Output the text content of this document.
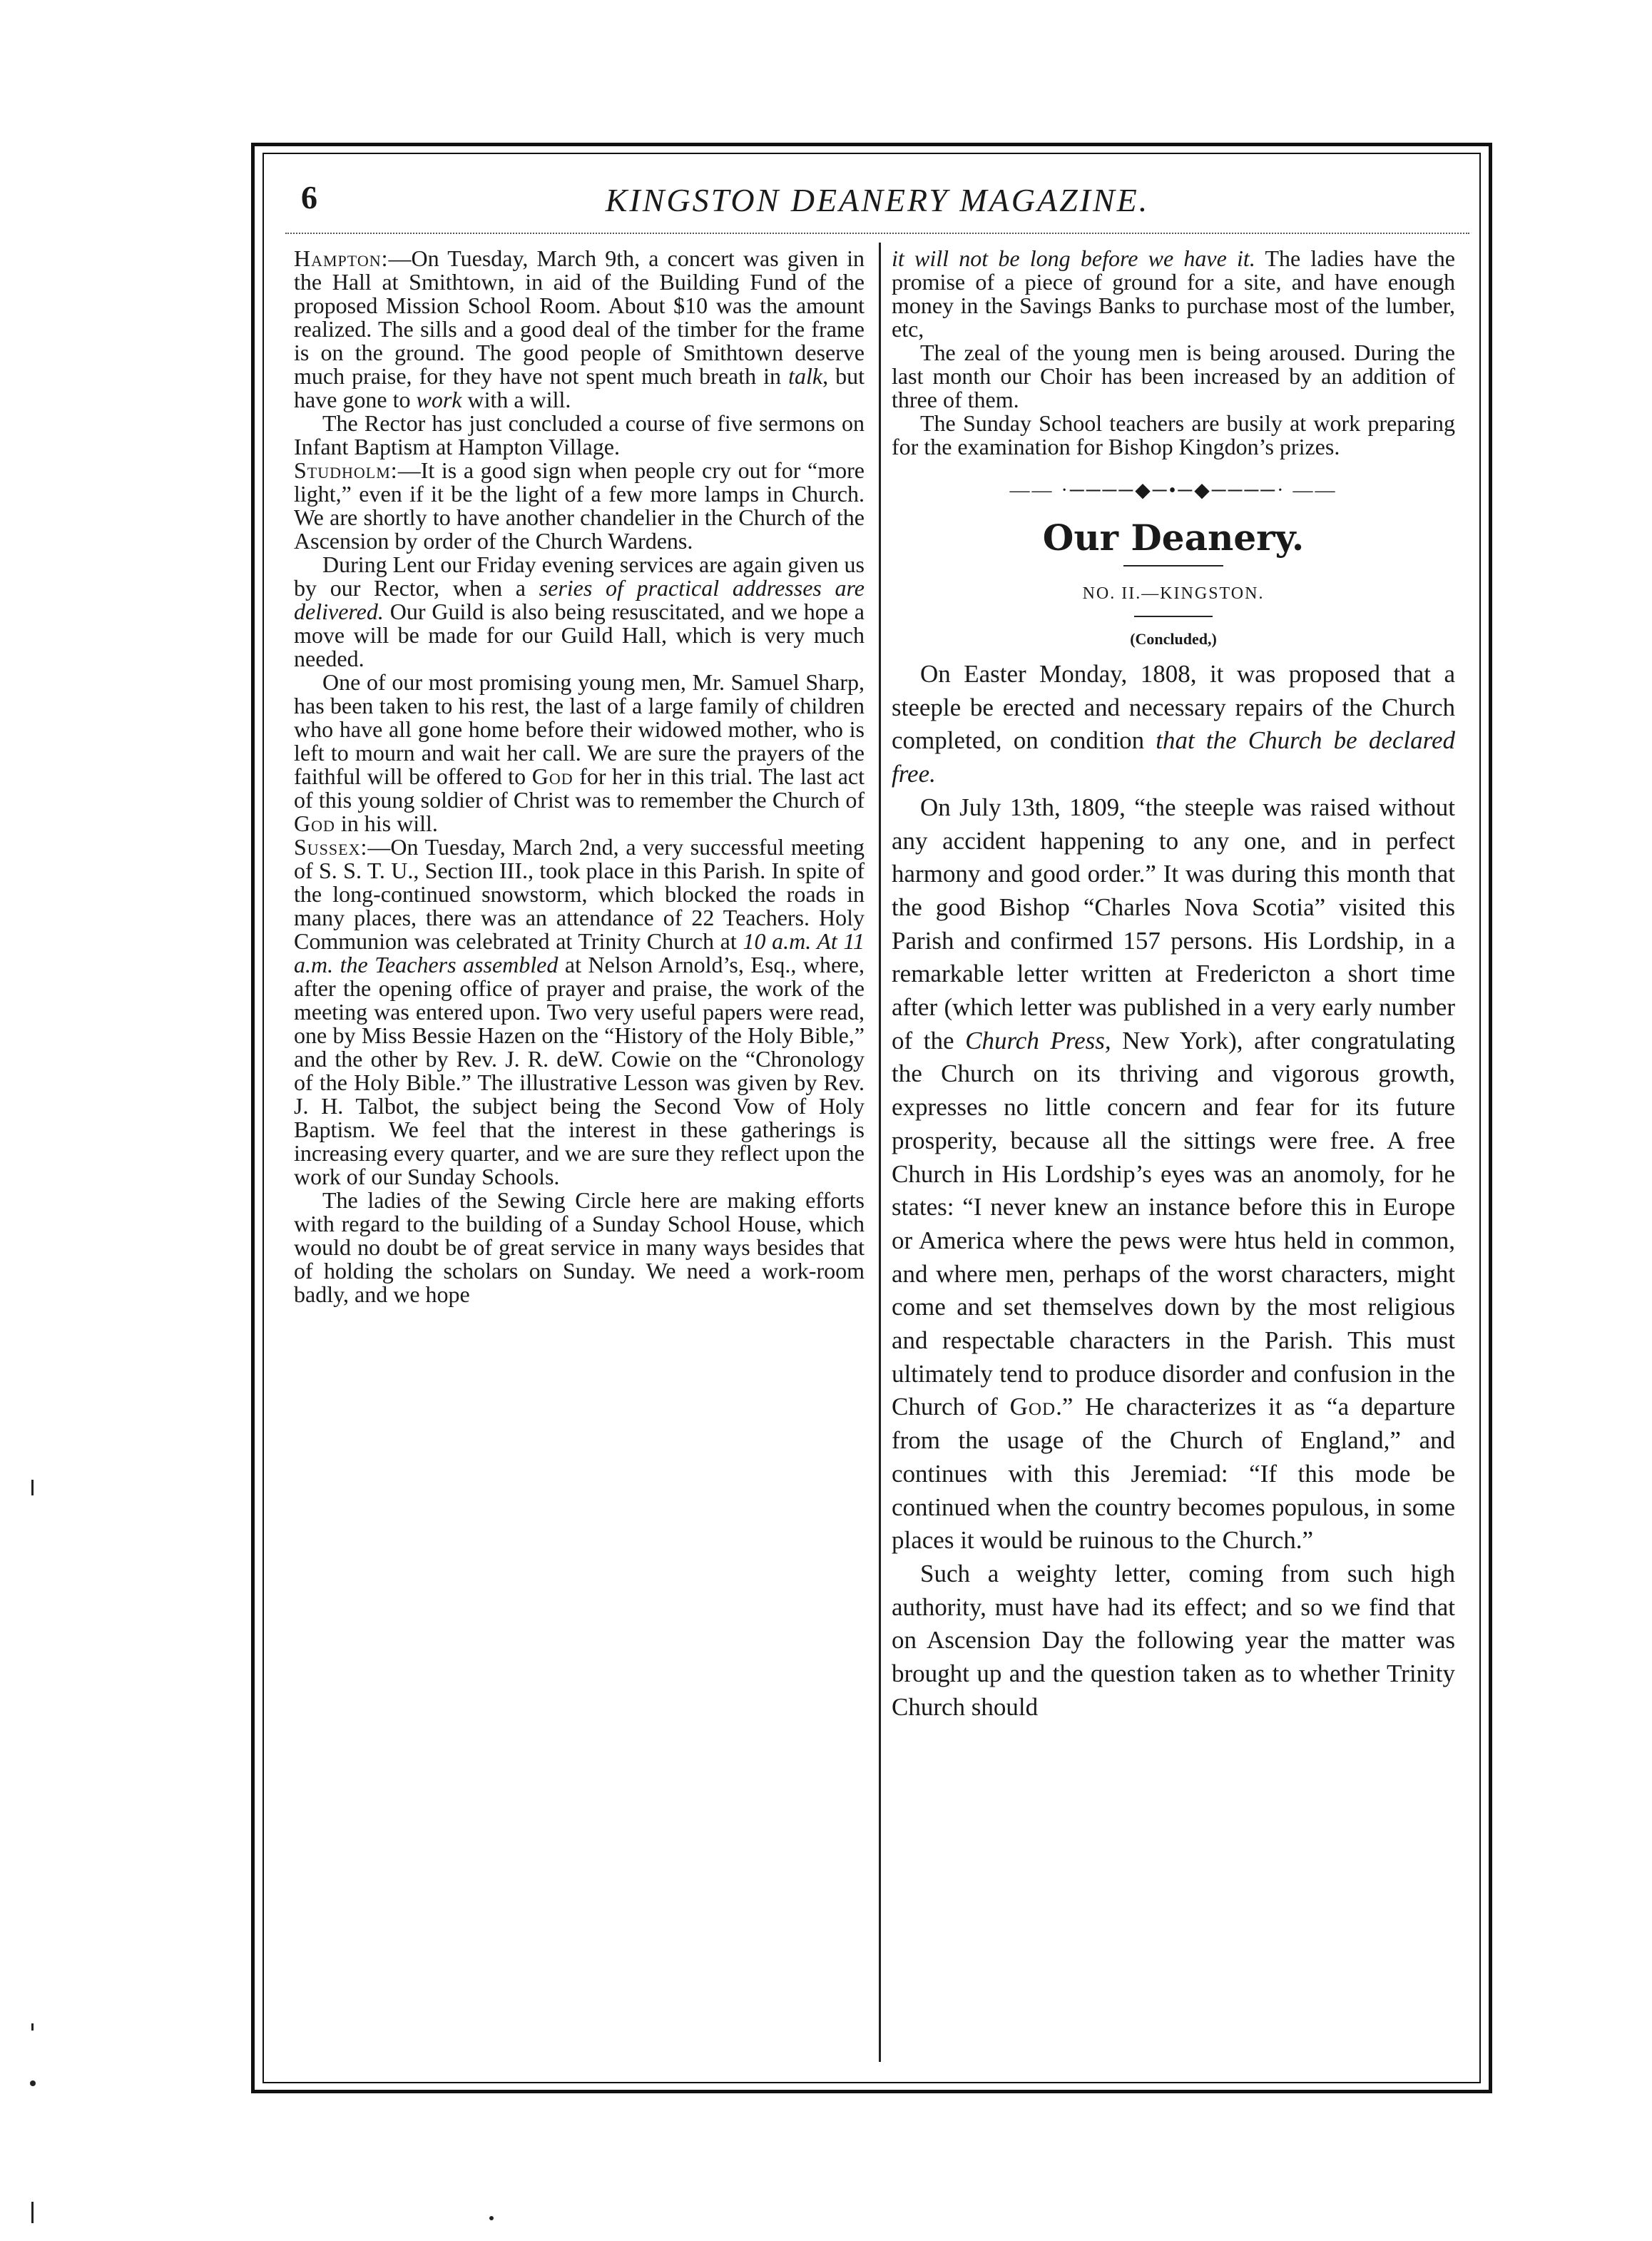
6	KINGSTON DEANERY MAGAZINE.

Hampton:—On Tuesday, March 9th, a concert was given in the Hall at Smithtown, in aid of the Building Fund of the proposed Mission School Room. About $10 was the amount realized. The sills and a good deal of the timber for the frame is on the ground. The good people of Smithtown deserve much praise, for they have not spent much breath in talk, but have gone to work with a will.

The Rector has just concluded a course of five sermons on Infant Baptism at Hampton Village.

Studholm:—It is a good sign when people cry out for “more light,” even if it be the light of a few more lamps in Church. We are shortly to have another chandelier in the Church of the Ascension by order of the Church Wardens.

During Lent our Friday evening services are again given us by our Rector, when a series of practical addresses are delivered. Our Guild is also being resuscitated, and we hope a move will be made for our Guild Hall, which is very much needed.

One of our most promising young men, Mr. Samuel Sharp, has been taken to his rest, the last of a large family of children who have all gone home before their widowed mother, who is left to mourn and wait her call. We are sure the prayers of the faithful will be offered to God for her in this trial. The last act of this young soldier of Christ was to remember the Church of God in his will.

Sussex:—On Tuesday, March 2nd, a very successful meeting of S. S. T. U., Section III., took place in this Parish. In spite of the long-continued snowstorm, which blocked the roads in many places, there was an attendance of 22 Teachers. Holy Communion was celebrated at Trinity Church at 10 a.m. At 11 a.m. the Teachers assembled at Nelson Arnold’s, Esq., where, after the opening office of prayer and praise, the work of the meeting was entered upon. Two very useful papers were read, one by Miss Bessie Hazen on the “History of the Holy Bible,” and the other by Rev. J. R. deW. Cowie on the “Chronology of the Holy Bible.” The illustrative Lesson was given by Rev. J. H. Talbot, the subject being the Second Vow of Holy Baptism. We feel that the interest in these gatherings is increasing every quarter, and we are sure they reflect upon the work of our Sunday Schools.

The ladies of the Sewing Circle here are making efforts with regard to the building of a Sunday School House, which would no doubt be of great service in many ways besides that of holding the scholars on Sunday. We need a work-room badly, and we hope

it will not be long before we have it. The ladies have the promise of a piece of ground for a site, and have enough money in the Savings Banks to purchase most of the lumber, etc,

The zeal of the young men is being aroused. During the last month our Choir has been increased by an addition of three of them.

The Sunday School teachers are busily at work preparing for the examination for Bishop Kingdon’s prizes.

—— ·────◆─•─◆────· ——
Our Deanery.
NO. II.—KINGSTON.
(Concluded,)

On Easter Monday, 1808, it was proposed that a steeple be erected and necessary repairs of the Church completed, on condition that the Church be declared free.

On July 13th, 1809, “the steeple was raised without any accident happening to any one, and in perfect harmony and good order.” It was during this month that the good Bishop “Charles Nova Scotia” visited this Parish and confirmed 157 persons. His Lordship, in a remarkable letter written at Fredericton a short time after (which letter was published in a very early number of the Church Press, New York), after congratulating the Church on its thriving and vigorous growth, expresses no little concern and fear for its future prosperity, because all the sittings were free. A free Church in His Lordship’s eyes was an anomoly, for he states: “I never knew an instance before this in Europe or America where the pews were htus held in common, and where men, perhaps of the worst characters, might come and set themselves down by the most religious and respectable characters in the Parish. This must ultimately tend to produce disorder and confusion in the Church of God.” He characterizes it as “a departure from the usage of the Church of England,” and continues with this Jeremiad: “If this mode be continued when the country becomes populous, in some places it would be ruinous to the Church.”

Such a weighty letter, coming from such high authority, must have had its effect; and so we find that on Ascension Day the following year the matter was brought up and the question taken as to whether Trinity Church should
